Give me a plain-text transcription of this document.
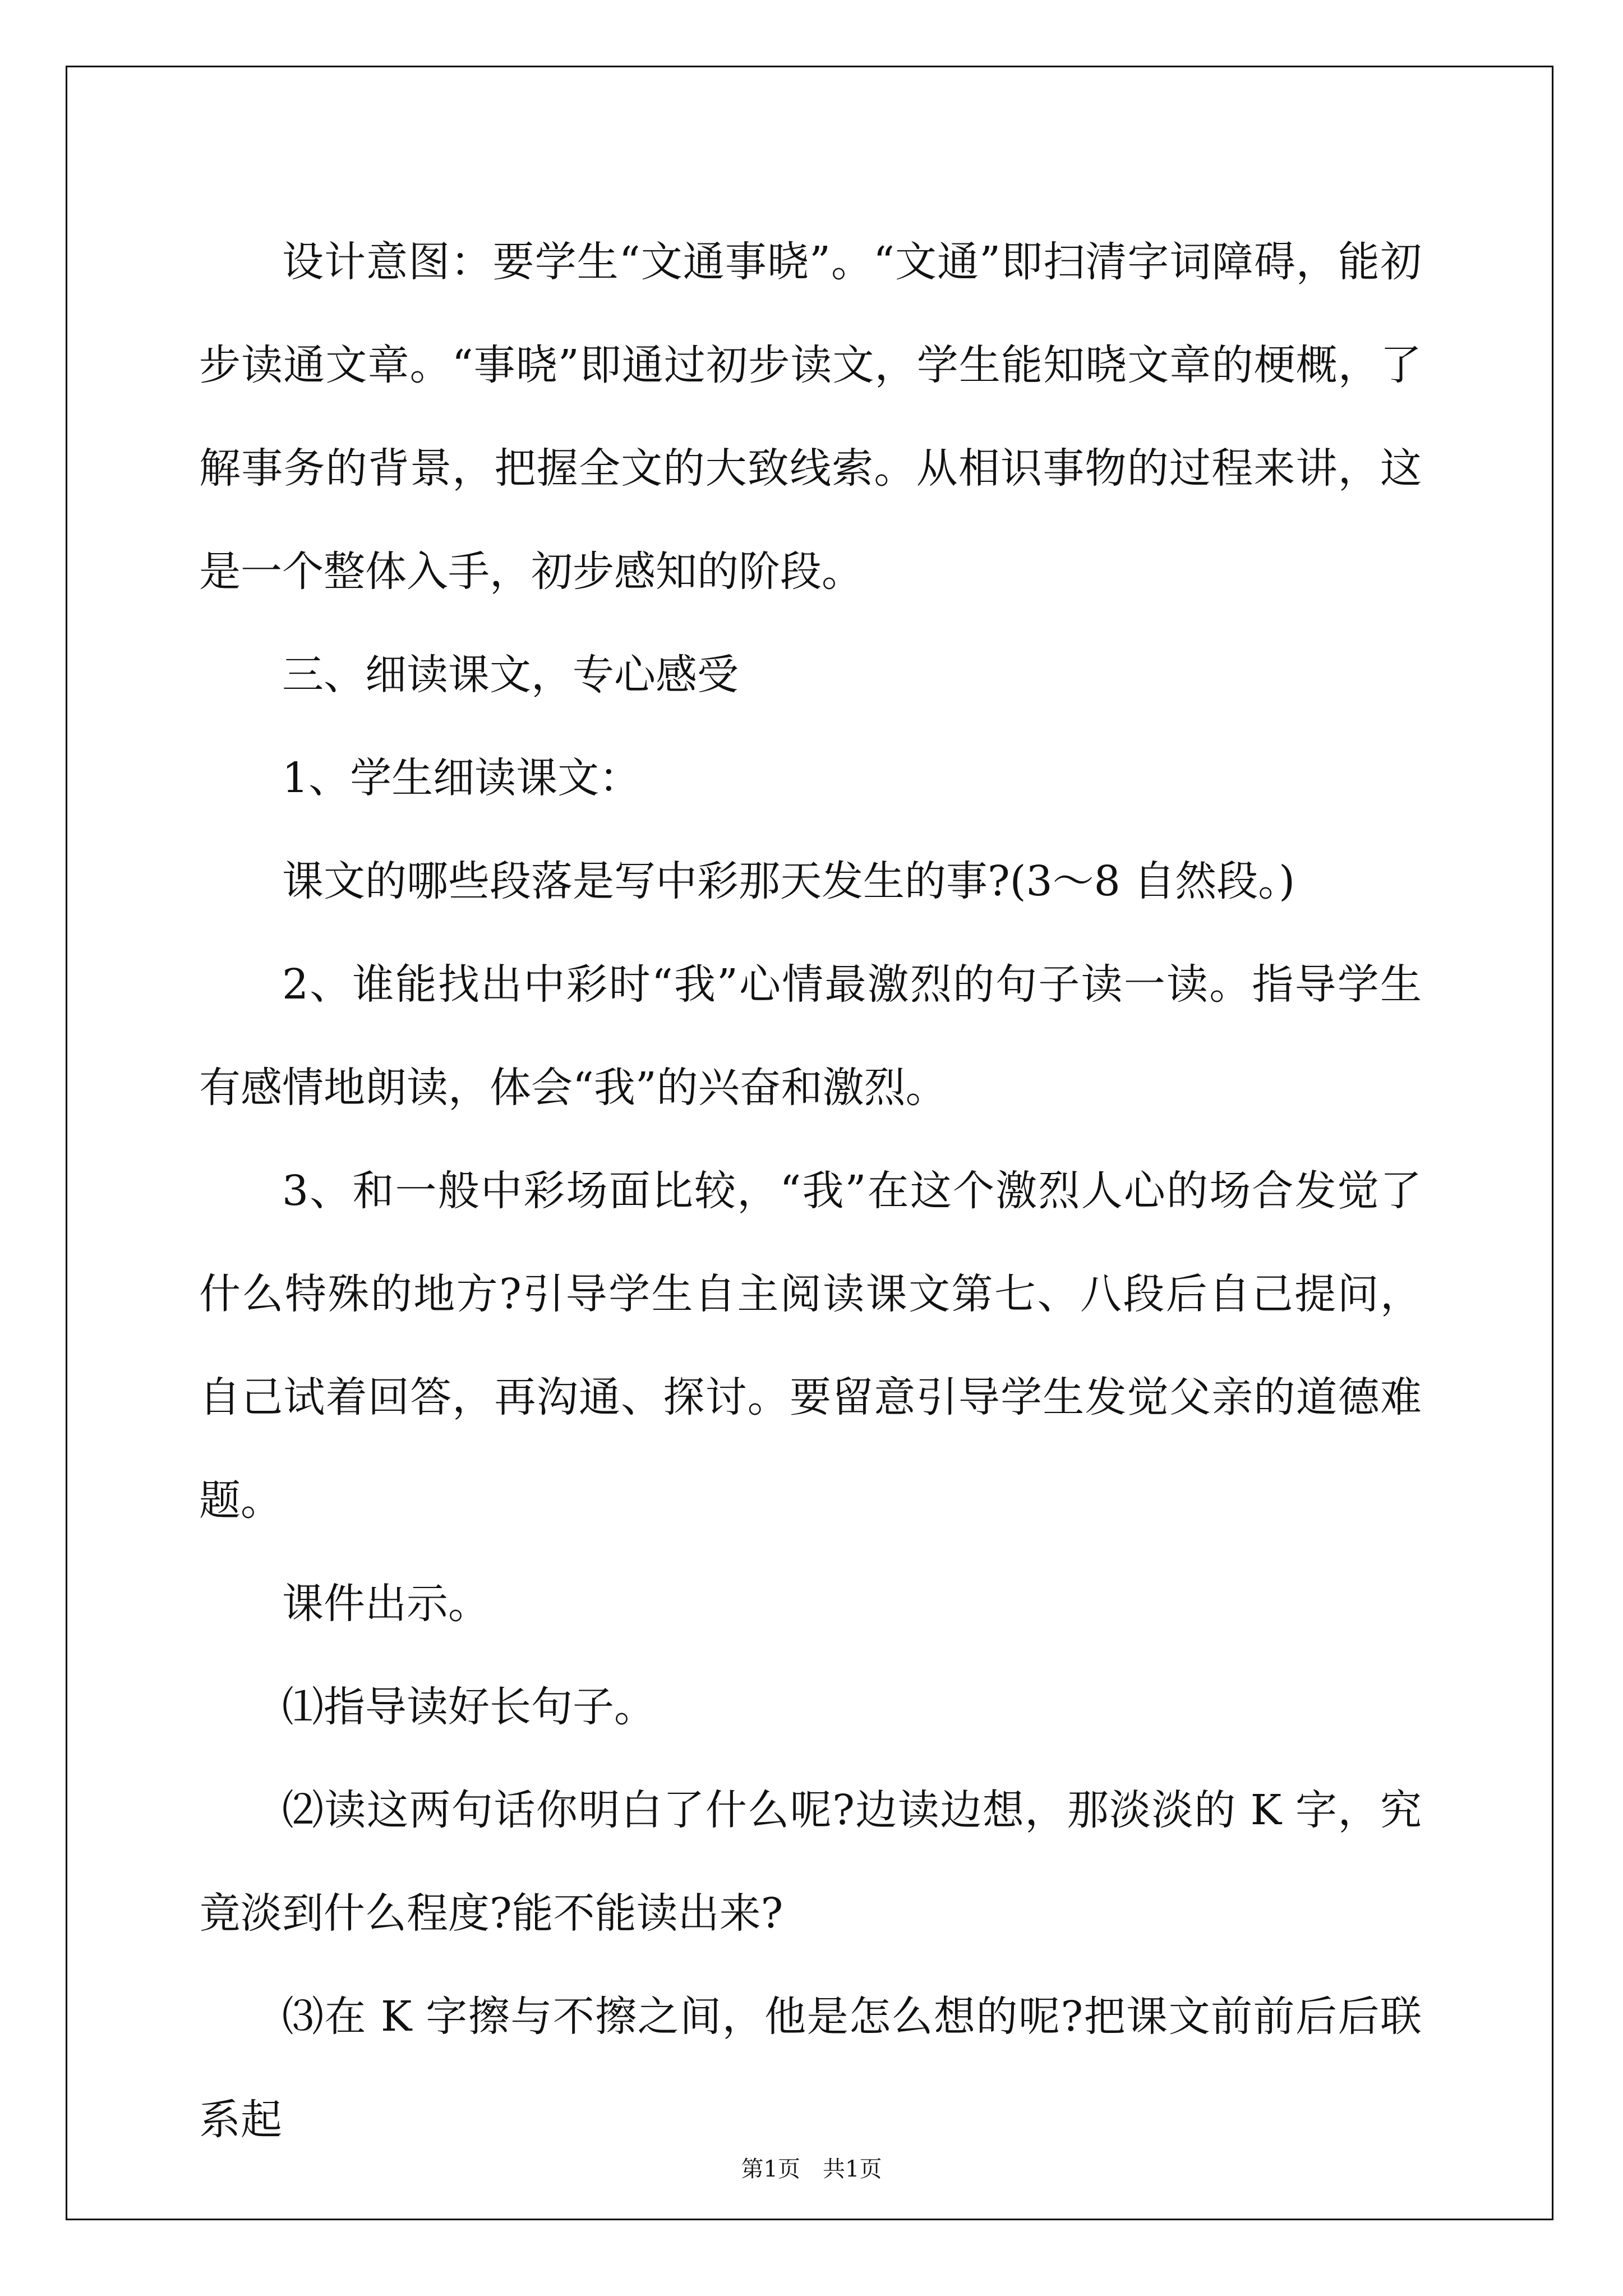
设计意图：要学生“文通事晓”。“文通”即扫清字词障碍，能初步读通文章。“事晓”即通过初步读文，学生能知晓文章的梗概，了解事务的背景，把握全文的大致线索。从相识事物的过程来讲，这是一个整体入手，初步感知的阶段。

三、细读课文，专心感受

1、学生细读课文：

课文的哪些段落是写中彩那天发生的事?(3～8 自然段。)

2、谁能找出中彩时“我”心情最激烈的句子读一读。指导学生有感情地朗读，体会“我”的兴奋和激烈。

3、和一般中彩场面比较，“我”在这个激烈人心的场合发觉了什么特殊的地方?引导学生自主阅读课文第七、八段后自己提问，自己试着回答，再沟通、探讨。要留意引导学生发觉父亲的道德难题。

课件出示。

⑴指导读好长句子。

⑵读这两句话你明白了什么呢?边读边想，那淡淡的 K 字，究竟淡到什么程度?能不能读出来?

⑶在 K 字擦与不擦之间，他是怎么想的呢?把课文前前后后联系起

第1页 共1页
